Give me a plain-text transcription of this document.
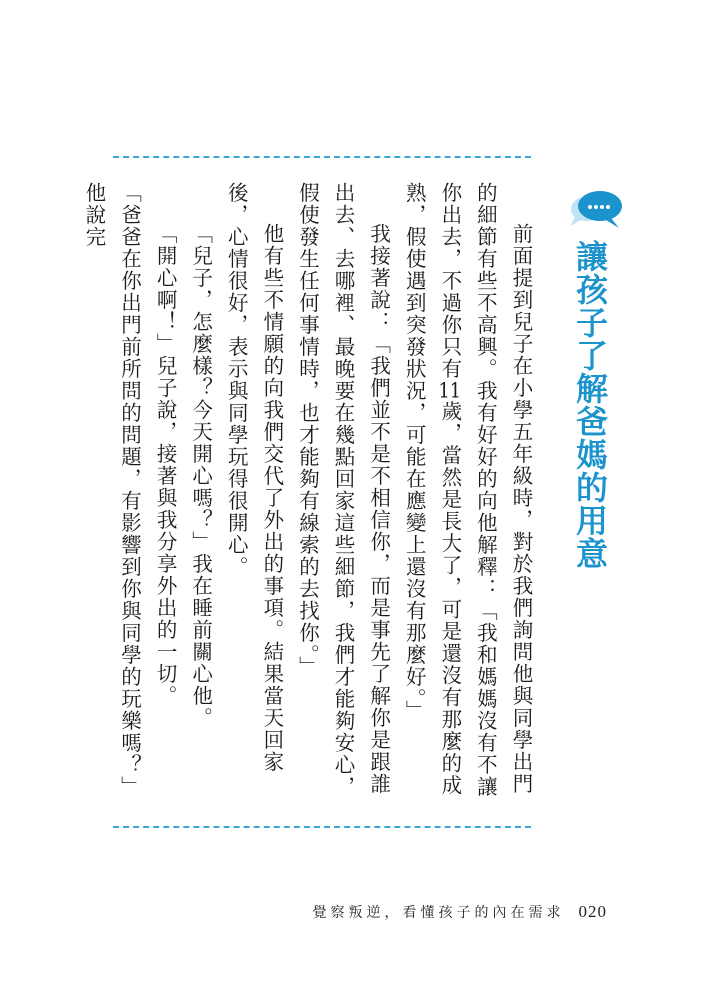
讓孩子了解爸媽的用意

前面提到兒子在小學五年級時，對於我們詢問他與同學出門的細節有些不高興。我有好好的向他解釋：「我和媽媽沒有不讓你出去，不過你只有11歲，當然是長大了，可是還沒有那麼的成熟，假使遇到突發狀況，可能在應變上還沒有那麼好。」

我接著說：「我們並不是不相信你，而是事先了解你是跟誰出去、去哪裡、最晚要在幾點回家這些細節，我們才能夠安心，假使發生任何事情時，也才能夠有線索的去找你。」

他有些不情願的向我們交代了外出的事項。結果當天回家後，心情很好，表示與同學玩得很開心。

「兒子，怎麼樣？今天開心嗎？」我在睡前關心他。

「開心啊！」兒子說，接著與我分享外出的一切。

「爸爸在你出門前所問的問題，有影響到你與同學的玩樂嗎？」他說完

覺察叛逆，看懂孩子的內在需求 020
